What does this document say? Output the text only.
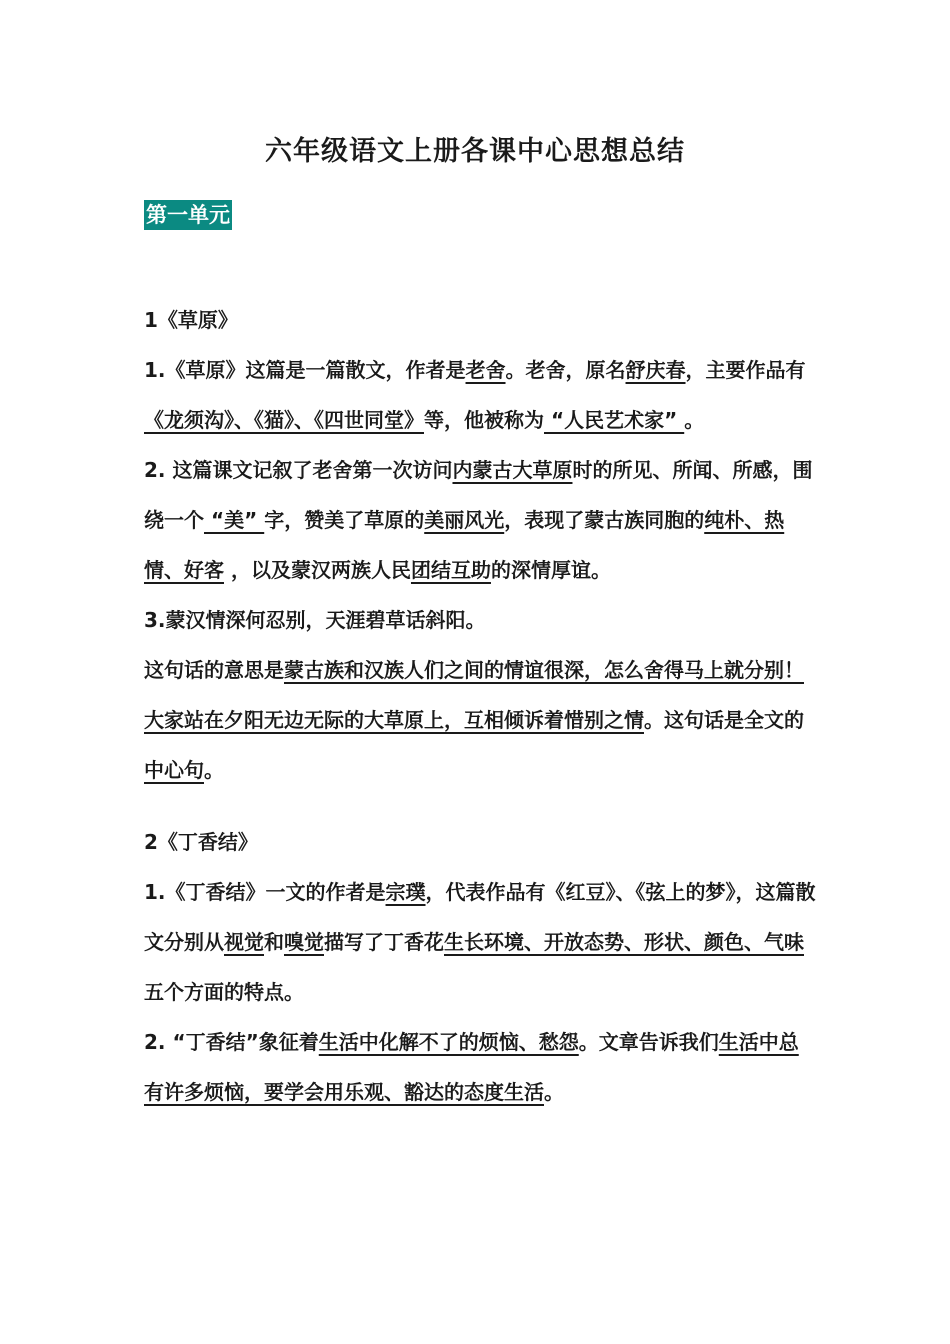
六年级语文上册各课中心思想总结
第一单元

1《草原》

1.《草原》这篇是一篇散文，作者是老舍。老舍，原名舒庆春，主要作品有《龙须沟》、《猫》、《四世同堂》等，他被称为 “人民艺术家” 。

2. 这篇课文记叙了老舍第一次访问内蒙古大草原时的所见、所闻、所感，围绕一个 “美” 字，赞美了草原的美丽风光，表现了蒙古族同胞的纯朴、热情、好客 ，以及蒙汉两族人民团结互助的深情厚谊。

3.蒙汉情深何忍别，天涯碧草话斜阳。

这句话的意思是蒙古族和汉族人们之间的情谊很深，怎么舍得马上就分别！大家站在夕阳无边无际的大草原上，互相倾诉着惜别之情。这句话是全文的中心句。

2《丁香结》

1.《丁香结》一文的作者是宗璞，代表作品有《红豆》、《弦上的梦》，这篇散文分别从视觉和嗅觉描写了丁香花生长环境、开放态势、形状、颜色、气味五个方面的特点。

2. “丁香结”象征着生活中化解不了的烦恼、愁怨。文章告诉我们生活中总有许多烦恼，要学会用乐观、豁达的态度生活。
